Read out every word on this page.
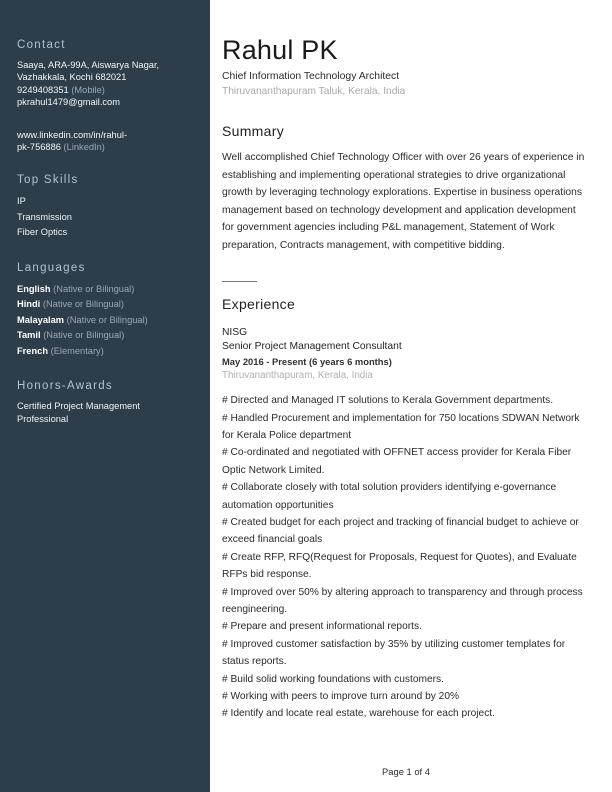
Contact
Saaya, ARA-99A, Aiswarya Nagar,
Vazhakkala, Kochi 682021
9249408351 (Mobile)
pkrahul1479@gmail.com
www.linkedin.com/in/rahul-
pk-756886 (LinkedIn)
Top Skills
IP
Transmission
Fiber Optics
Languages
English (Native or Bilingual)
Hindi (Native or Bilingual)
Malayalam (Native or Bilingual)
Tamil (Native or Bilingual)
French (Elementary)
Honors-Awards
Certified Project Management
Professional
Rahul PK
Chief Information Technology Architect
Thiruvananthapuram Taluk, Kerala, India
Summary

Well accomplished Chief Technology Officer with over 26 years of experience in establishing and implementing operational strategies to drive organizational growth by leveraging technology explorations. Expertise in business operations management based on technology development and application development for government agencies including P&L management, Statement of Work preparation, Contracts management, with competitive bidding.

Experience
NISG
Senior Project Management Consultant
May 2016 - Present (6 years 6 months)
Thiruvananthapuram, Kerala, India
# Directed and Managed IT solutions to Kerala Government departments.
# Handled Procurement and implementation for 750 locations SDWAN Network for Kerala Police department
# Co-ordinated and negotiated with OFFNET access provider for Kerala Fiber Optic Network Limited.
# Collaborate closely with total solution providers identifying e-governance automation opportunities
# Created budget for each project and tracking of financial budget to achieve or exceed financial goals
# Create RFP, RFQ(Request for Proposals, Request for Quotes), and Evaluate RFPs bid response.
# Improved over 50% by altering approach to transparency and through process reengineering.
# Prepare and present informational reports.
# Improved customer satisfaction by 35% by utilizing customer templates for status reports.
# Build solid working foundations with customers.
# Working with peers to improve turn around by 20%
# Identify and locate real estate, warehouse for each project.
Page 1 of 4
